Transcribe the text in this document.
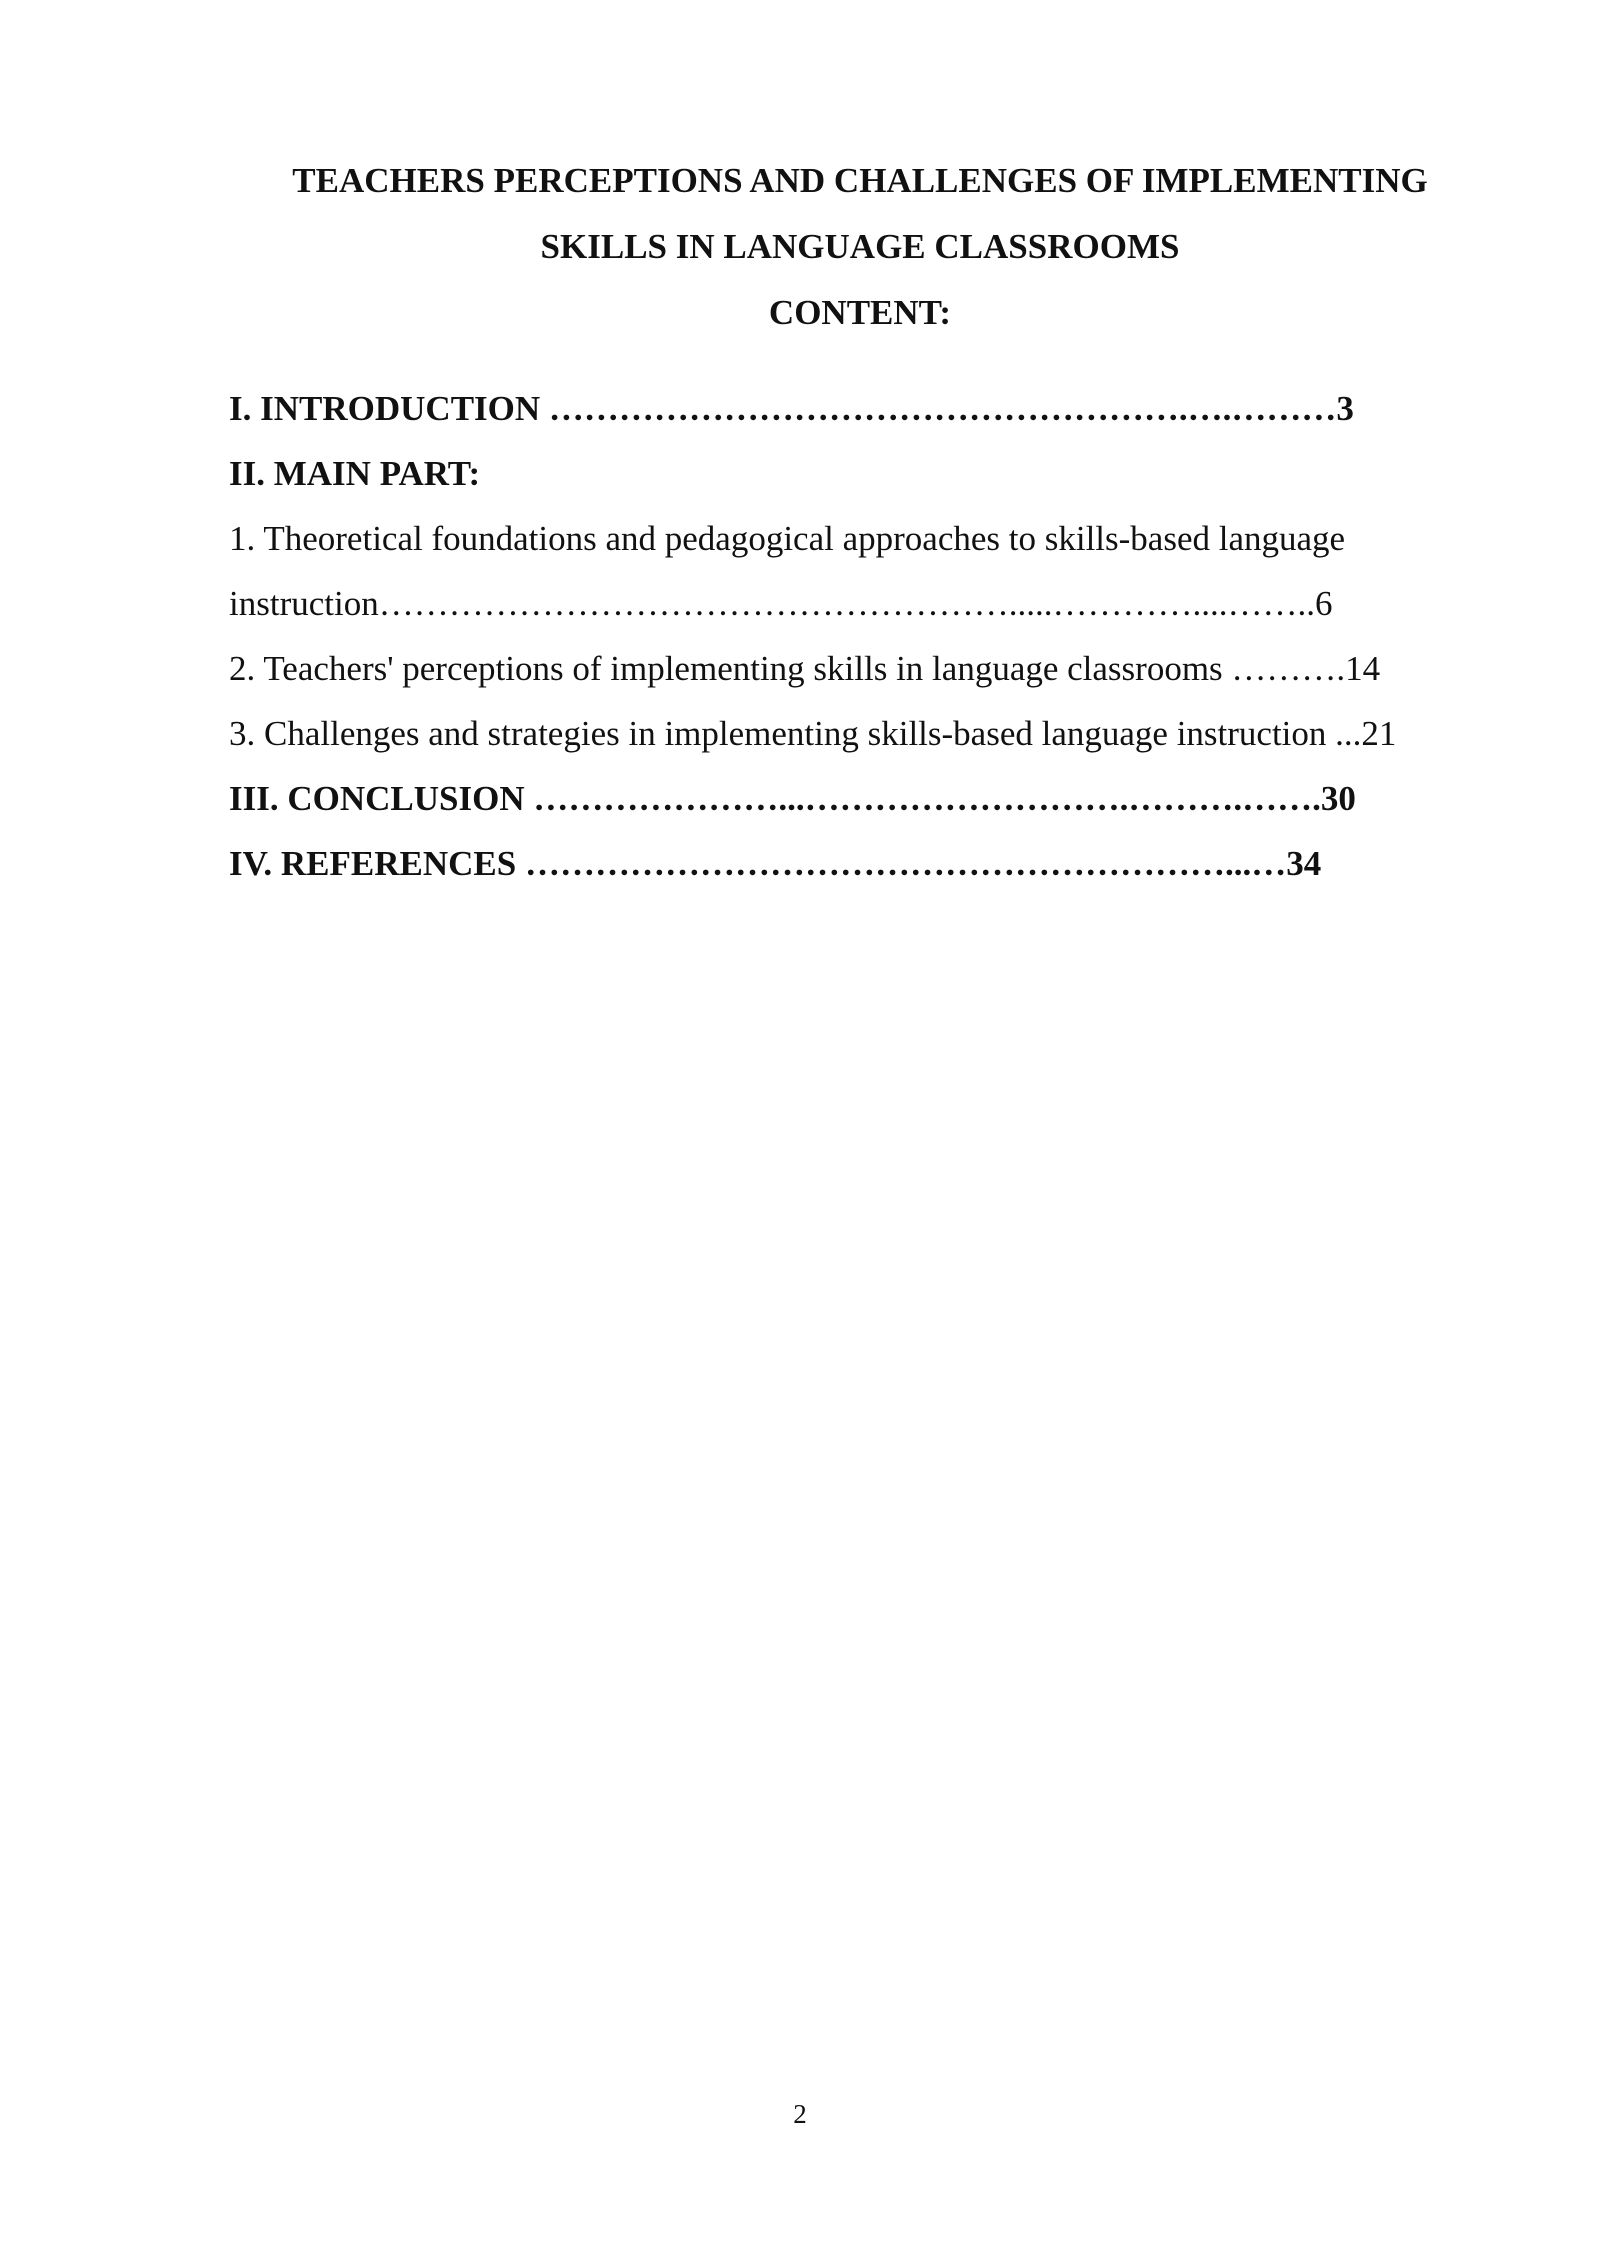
TEACHERS PERCEPTIONS AND CHALLENGES OF IMPLEMENTING
SKILLS IN LANGUAGE CLASSROOMS
CONTENT:
I. INTRODUCTION ……………………………………………….….………3
II. MAIN PART:
1. Theoretical foundations and pedagogical approaches to skills-based language
instruction……………………………………………….....…………....……..6
2. Teachers' perceptions of implementing skills in language classrooms ……….14
3. Challenges and strategies in implementing skills-based language instruction ...21
III. CONCLUSION …………………...……………………….……….…….30
IV. REFERENCES ……………………………………………………...…34
2
